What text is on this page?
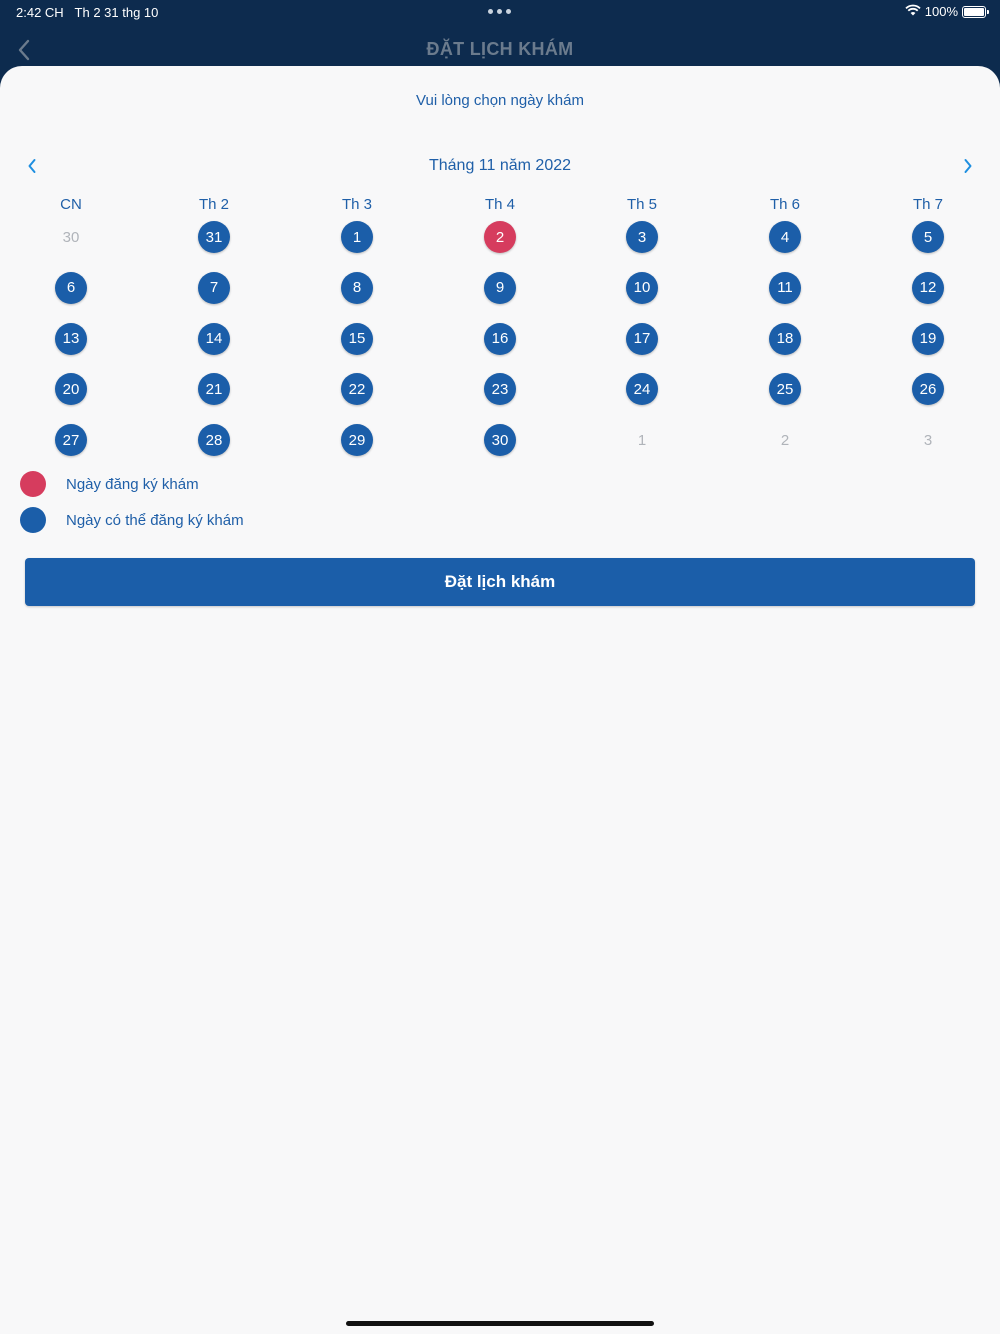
2:42 CH Th 2 31 thg 10	100%
ĐẶT LỊCH KHÁM
Vui lòng chọn ngày khám
Tháng 11 năm 2022
CN	Th 2	Th 3	Th 4	Th 5	Th 6	Th 7
30	31	1	2	3	4	5
6	7	8	9	10	11	12
13	14	15	16	17	18	19
20	21	22	23	24	25	26
27	28	29	30	1	2	3
Ngày đăng ký khám
Ngày có thể đăng ký khám
Đặt lịch khám
